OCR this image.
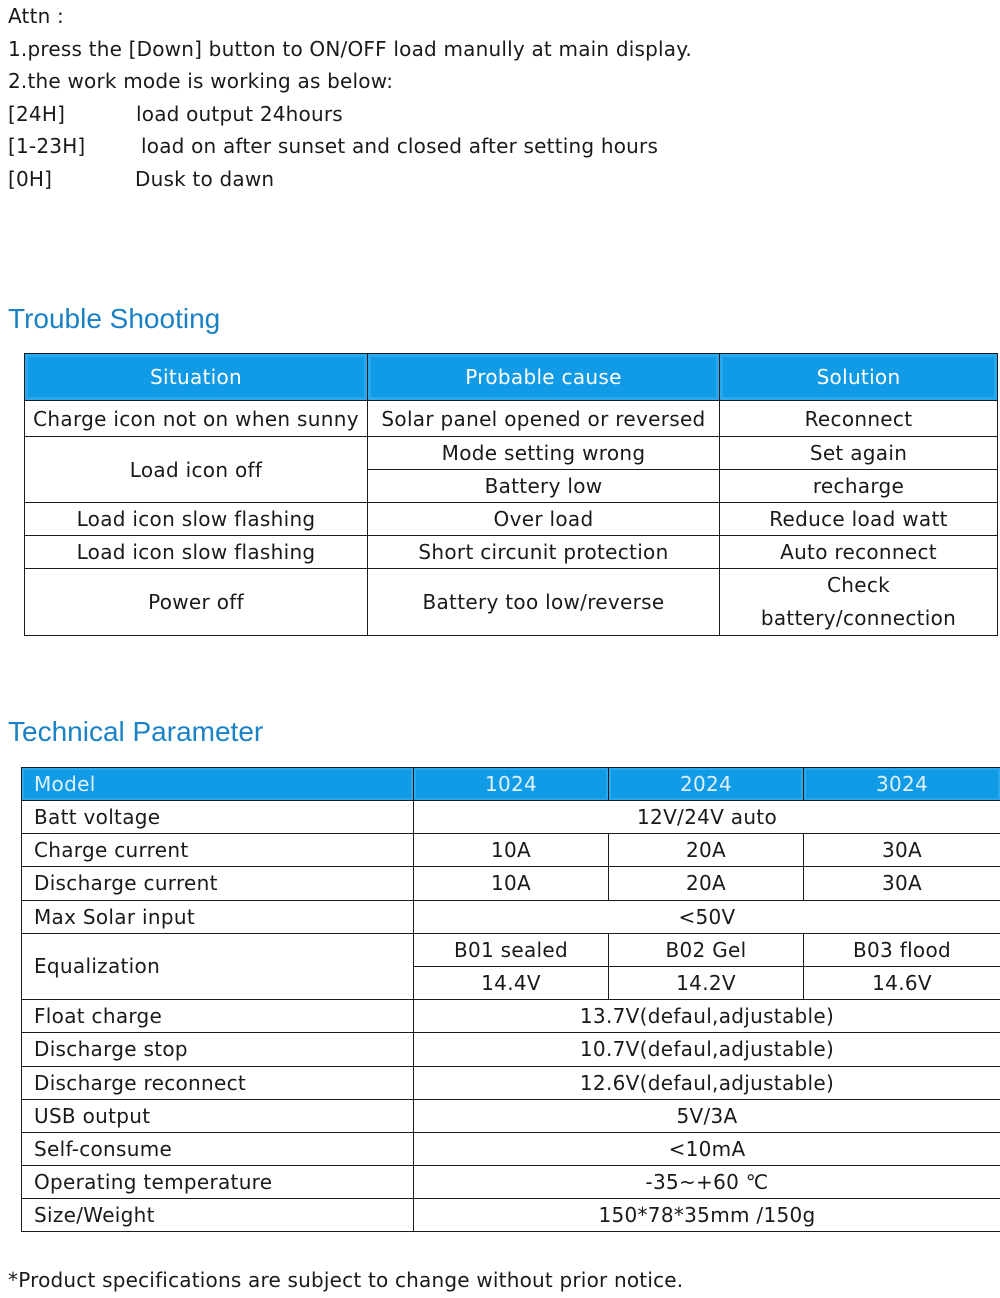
Attn :
1.press the [Down] button to ON/OFF load manully at main display.
2.the work mode is working as below:
[24H]	load output 24hours
[1-23H]	load on after sunset and closed after setting hours
[0H]	Dusk to dawn
Trouble Shooting
Situation	Probable cause	Solution
Charge icon not on when sunny	Solar panel opened or reversed	Reconnect
Load icon off	Mode setting wrong	Set again
	Battery low	recharge
Load icon slow flashing	Over load	Reduce load watt
Load icon slow flashing	Short circunit protection	Auto reconnect
Power off	Battery too low/reverse	Check
battery/connection
Technical Parameter
Model	1024	2024	3024
Batt voltage	12V/24V auto		
Charge current	10A	20A	30A
Discharge current	10A	20A	30A
Max Solar input	<50V		
Equalization	B01 sealed	B02 Gel	B03 flood
	14.4V	14.2V	14.6V
Float charge	13.7V(defaul,adjustable)		
Discharge stop	10.7V(defaul,adjustable)		
Discharge reconnect	12.6V(defaul,adjustable)		
USB output	5V/3A		
Self-consume	<10mA		
Operating temperature	-35~+60 ℃		
Size/Weight	150*78*35mm /150g		
*Product specifications are subject to change without prior notice.
